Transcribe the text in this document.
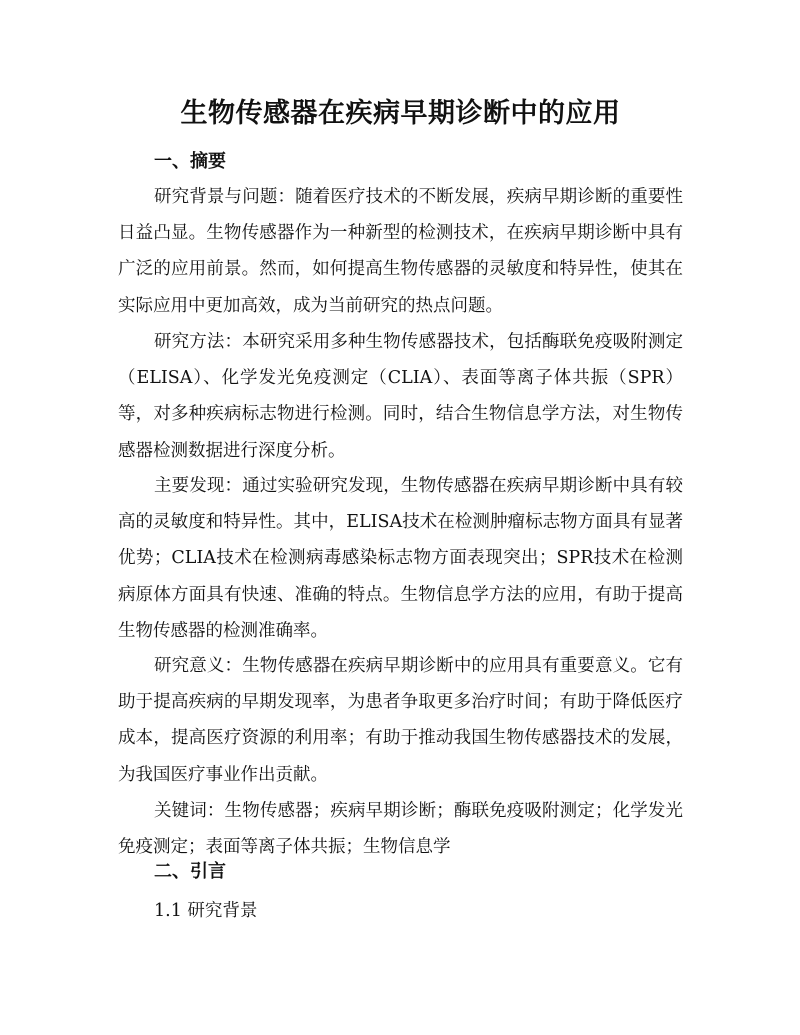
生物传感器在疾病早期诊断中的应用
一、摘要

研究背景与问题：随着医疗技术的不断发展，疾病早期诊断的重要性日益凸显。生物传感器作为一种新型的检测技术，在疾病早期诊断中具有广泛的应用前景。然而，如何提高生物传感器的灵敏度和特异性，使其在实际应用中更加高效，成为当前研究的热点问题。

研究方法：本研究采用多种生物传感器技术，包括酶联免疫吸附测定（ELISA）、化学发光免疫测定（CLIA）、表面等离子体共振（SPR）等，对多种疾病标志物进行检测。同时，结合生物信息学方法，对生物传感器检测数据进行深度分析。

主要发现：通过实验研究发现，生物传感器在疾病早期诊断中具有较高的灵敏度和特异性。其中，ELISA技术在检测肿瘤标志物方面具有显著优势；CLIA技术在检测病毒感染标志物方面表现突出；SPR技术在检测病原体方面具有快速、准确的特点。生物信息学方法的应用，有助于提高生物传感器的检测准确率。

研究意义：生物传感器在疾病早期诊断中的应用具有重要意义。它有助于提高疾病的早期发现率，为患者争取更多治疗时间；有助于降低医疗成本，提高医疗资源的利用率；有助于推动我国生物传感器技术的发展，为我国医疗事业作出贡献。

关键词：生物传感器；疾病早期诊断；酶联免疫吸附测定；化学发光免疫测定；表面等离子体共振；生物信息学

二、引言

1.1 研究背景
